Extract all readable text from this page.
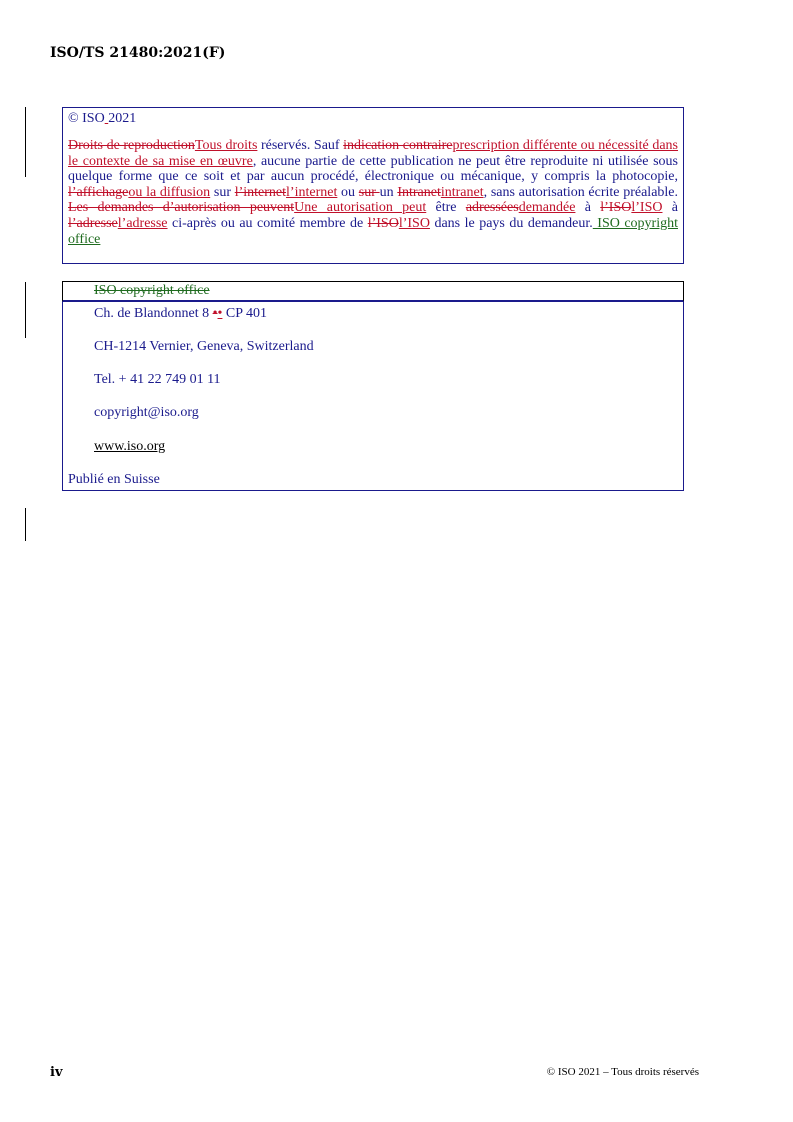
ISO/TS 21480:2021(F)

© ISO 2021

Droits de reproductionTous droits réservés. Sauf indication contraireprescription différente ou nécessité dans le contexte de sa mise en œuvre, aucune partie de cette publication ne peut être reproduite ni utilisée sous quelque forme que ce soit et par aucun procédé, électronique ou mécanique, y compris la photocopie, l’affichageou la diffusion sur l’internetl’internet ou sur un Intranetintranet, sans autorisation écrite préalable. Les demandes d’autorisation peuventUne autorisation peut être adresséesdemandée à l’ISOl’ISO à l’adressel’adresse ci-après ou au comité membre de l’ISOl’ISO dans le pays du demandeur. ISO copyright office

ISO copyright office

Ch. de Blandonnet 8 •• CP 401

CH-1214 Vernier, Geneva, Switzerland

Tel. + 41 22 749 01 11

copyright@iso.org

www.iso.org

Publié en Suisse

iv	© ISO 2021 – Tous droits réservés
